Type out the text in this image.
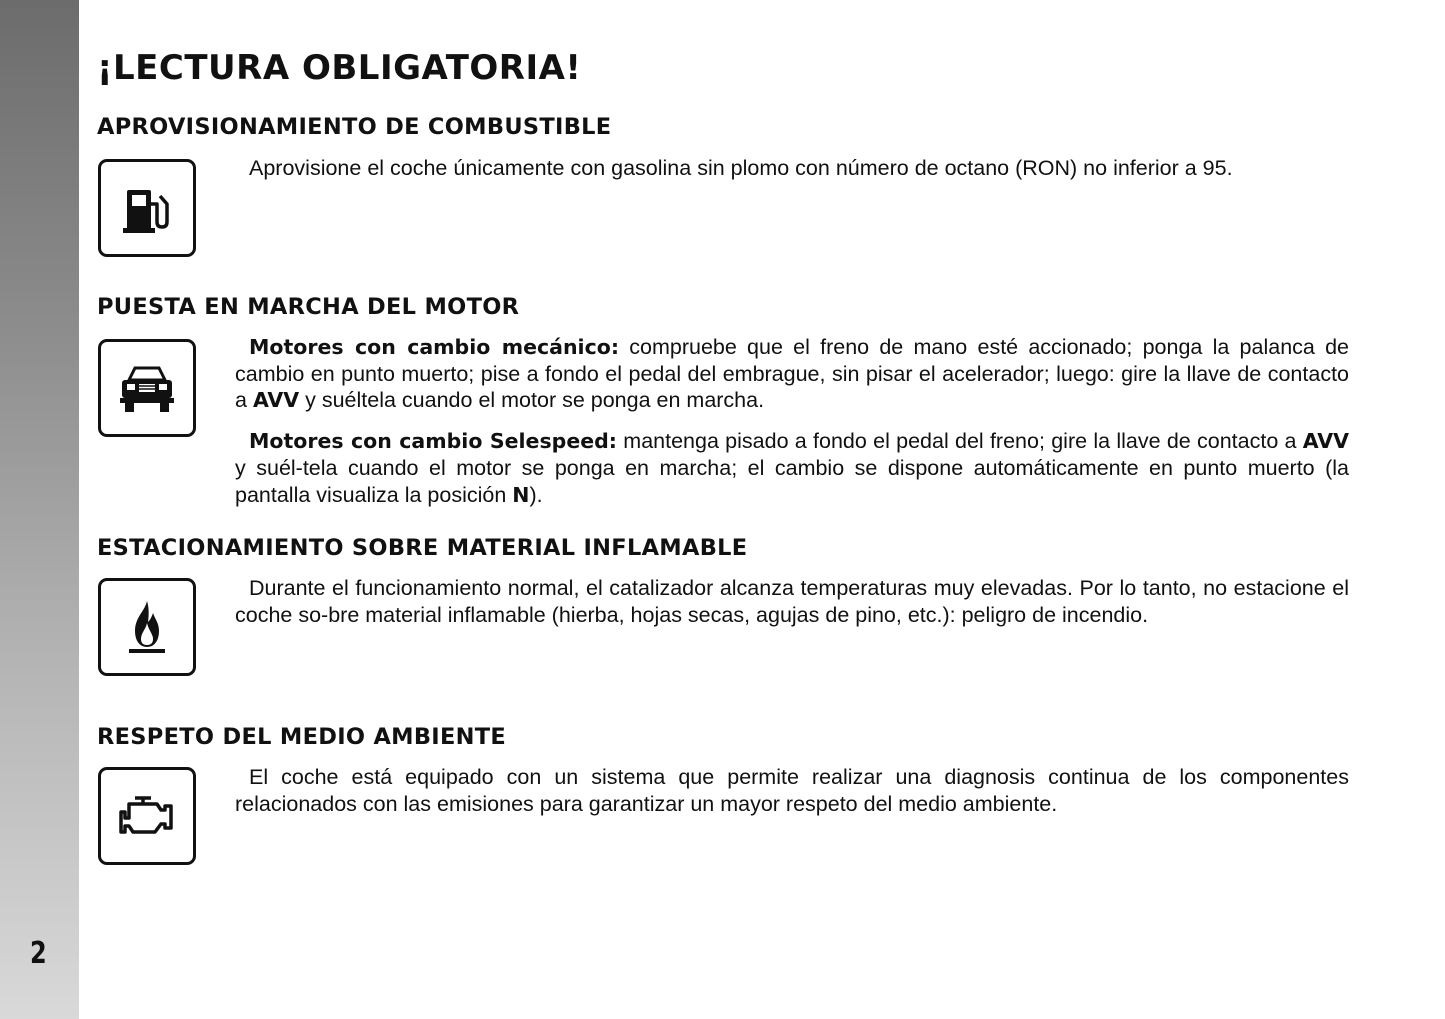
2
¡LECTURA OBLIGATORIA!
APROVISIONAMIENTO DE COMBUSTIBLE

Aprovisione el coche únicamente con gasolina sin plomo con número de octano (RON) no inferior a 95.

PUESTA EN MARCHA DEL MOTOR

Motores con cambio mecánico: compruebe que el freno de mano esté accionado; ponga la palanca de cambio en punto muerto; pise a fondo el pedal del embrague, sin pisar el acelerador; luego: gire la llave de contacto a AVV y suéltela cuando el motor se ponga en marcha.

Motores con cambio Selespeed: mantenga pisado a fondo el pedal del freno; gire la llave de contacto a AVV y suél-tela cuando el motor se ponga en marcha; el cambio se dispone automáticamente en punto muerto (la pantalla visualiza la posición N).

ESTACIONAMIENTO SOBRE MATERIAL INFLAMABLE

Durante el funcionamiento normal, el catalizador alcanza temperaturas muy elevadas. Por lo tanto, no estacione el coche so-bre material inflamable (hierba, hojas secas, agujas de pino, etc.): peligro de incendio.

RESPETO DEL MEDIO AMBIENTE

El coche está equipado con un sistema que permite realizar una diagnosis continua de los componentes relacionados con las emisiones para garantizar un mayor respeto del medio ambiente.
